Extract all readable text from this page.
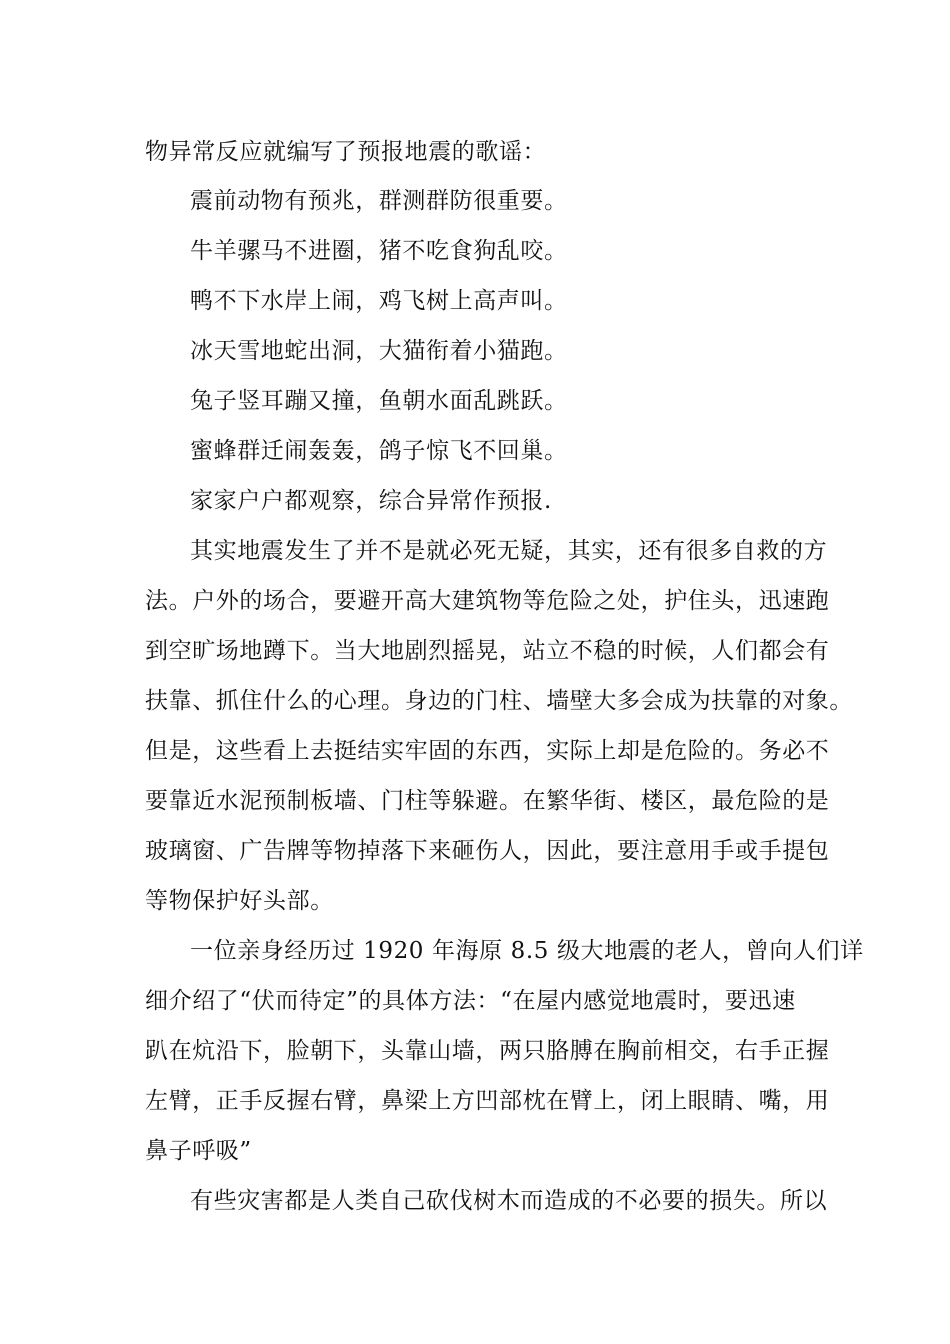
物异常反应就编写了预报地震的歌谣：
震前动物有预兆，群测群防很重要。
牛羊骡马不进圈，猪不吃食狗乱咬。
鸭不下水岸上闹，鸡飞树上高声叫。
冰天雪地蛇出洞，大猫衔着小猫跑。
兔子竖耳蹦又撞，鱼朝水面乱跳跃。
蜜蜂群迁闹轰轰，鸽子惊飞不回巢。
家家户户都观察，综合异常作预报.
其实地震发生了并不是就必死无疑，其实，还有很多自救的方
法。户外的场合，要避开高大建筑物等危险之处，护住头，迅速跑
到空旷场地蹲下。当大地剧烈摇晃，站立不稳的时候，人们都会有
扶靠、抓住什么的心理。身边的门柱、墙壁大多会成为扶靠的对象。
但是，这些看上去挺结实牢固的东西，实际上却是危险的。务必不
要靠近水泥预制板墙、门柱等躲避。在繁华街、楼区，最危险的是
玻璃窗、广告牌等物掉落下来砸伤人，因此，要注意用手或手提包
等物保护好头部。
一位亲身经历过 1920 年海原 8.5 级大地震的老人，曾向人们详
细介绍了“伏而待定”的具体方法：“在屋内感觉地震时，要迅速
趴在炕沿下，脸朝下，头靠山墙，两只胳膊在胸前相交，右手正握
左臂，正手反握右臂，鼻梁上方凹部枕在臂上，闭上眼睛、嘴，用
鼻子呼吸”
有些灾害都是人类自己砍伐树木而造成的不必要的损失。所以
